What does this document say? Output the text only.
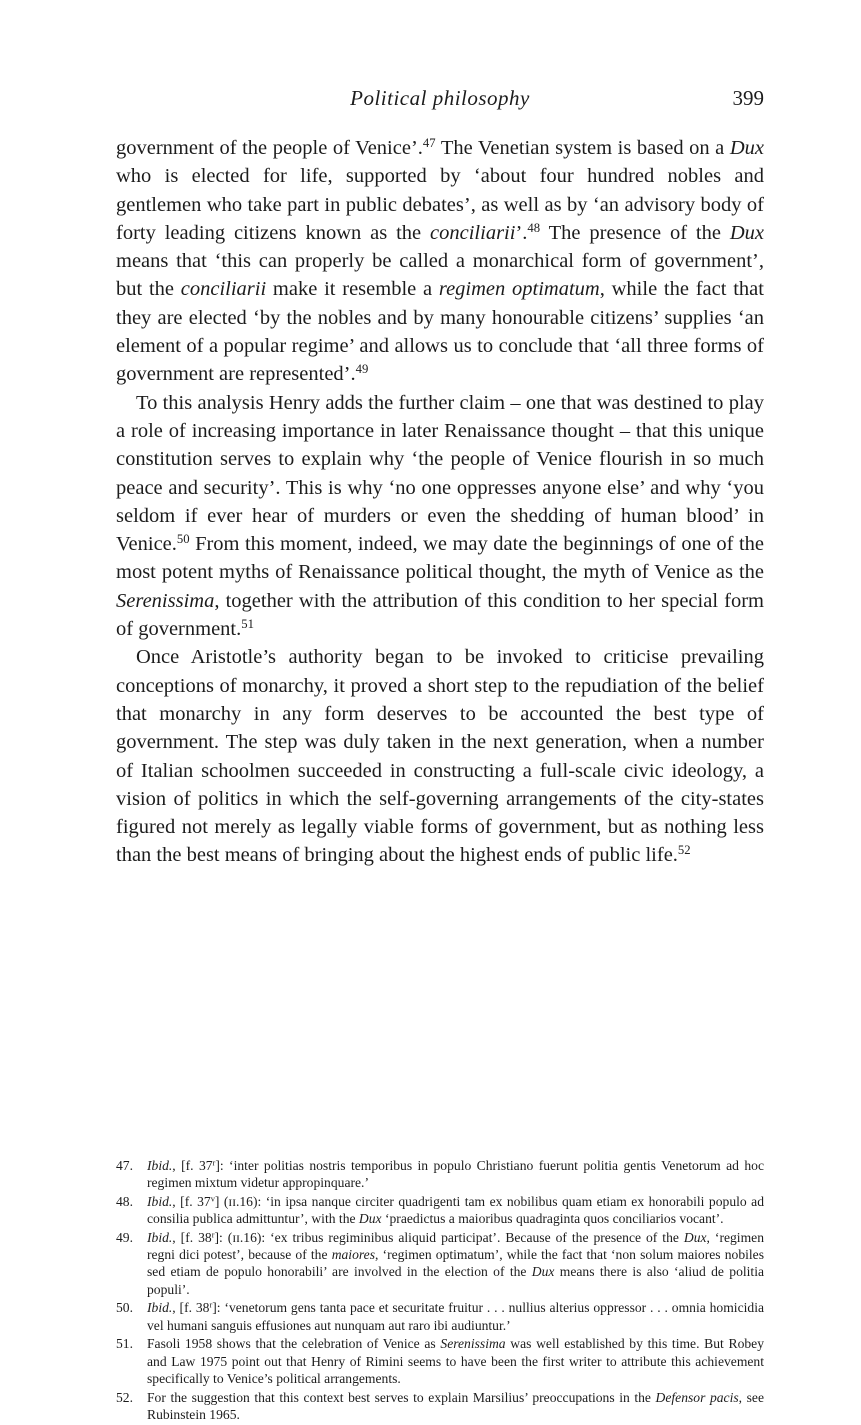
Political philosophy	399

government of the people of Venice’.$^{47}$ The Venetian system is based on a Dux who is elected for life, supported by ‘about four hundred nobles and gentlemen who take part in public debates’, as well as by ‘an advisory body of forty leading citizens known as the conciliarii’.$^{48}$ The presence of the Dux means that ‘this can properly be called a monarchical form of government’, but the conciliarii make it resemble a regimen optimatum, while the fact that they are elected ‘by the nobles and by many honourable citizens’ supplies ‘an element of a popular regime’ and allows us to conclude that ‘all three forms of government are represented’.$^{49}$

To this analysis Henry adds the further claim – one that was destined to play a role of increasing importance in later Renaissance thought – that this unique constitution serves to explain why ‘the people of Venice flourish in so much peace and security’. This is why ‘no one oppresses anyone else’ and why ‘you seldom if ever hear of murders or even the shedding of human blood’ in Venice.$^{50}$ From this moment, indeed, we may date the beginnings of one of the most potent myths of Renaissance political thought, the myth of Venice as the Serenissima, together with the attribution of this condition to her special form of government.$^{51}$

Once Aristotle’s authority began to be invoked to criticise prevailing conceptions of monarchy, it proved a short step to the repudiation of the belief that monarchy in any form deserves to be accounted the best type of government. The step was duly taken in the next generation, when a number of Italian schoolmen succeeded in constructing a full-scale civic ideology, a vision of politics in which the self-governing arrangements of the city-states figured not merely as legally viable forms of government, but as nothing less than the best means of bringing about the highest ends of public life.$^{52}$

47. Ibid., [f. 37$^r$]: ‘inter politias nostris temporibus in populo Christiano fuerunt politia gentis Venetorum ad hoc regimen mixtum videtur appropinquare.’
48. Ibid., [f. 37$^v$] (ɪɪ.16): ‘in ipsa nanque circiter quadrigenti tam ex nobilibus quam etiam ex honorabili populo ad consilia publica admittuntur’, with the Dux ‘praedictus a maioribus quadraginta quos conciliarios vocant’.
49. Ibid., [f. 38$^r$]: (ɪɪ.16): ‘ex tribus regiminibus aliquid participat’. Because of the presence of the Dux, ‘regimen regni dici potest’, because of the maiores, ‘regimen optimatum’, while the fact that ‘non solum maiores nobiles sed etiam de populo honorabili’ are involved in the election of the Dux means there is also ‘aliud de politia populi’.
50. Ibid., [f. 38$^r$]: ‘venetorum gens tanta pace et securitate fruitur . . . nullius alterius oppressor . . . omnia homicidia vel humani sanguis effusiones aut nunquam aut raro ibi audiuntur.’
51. Fasoli 1958 shows that the celebration of Venice as Serenissima was well established by this time. But Robey and Law 1975 point out that Henry of Rimini seems to have been the first writer to attribute this achievement specifically to Venice’s political arrangements.
52. For the suggestion that this context best serves to explain Marsilius’ preoccupations in the Defensor pacis, see Rubinstein 1965.
